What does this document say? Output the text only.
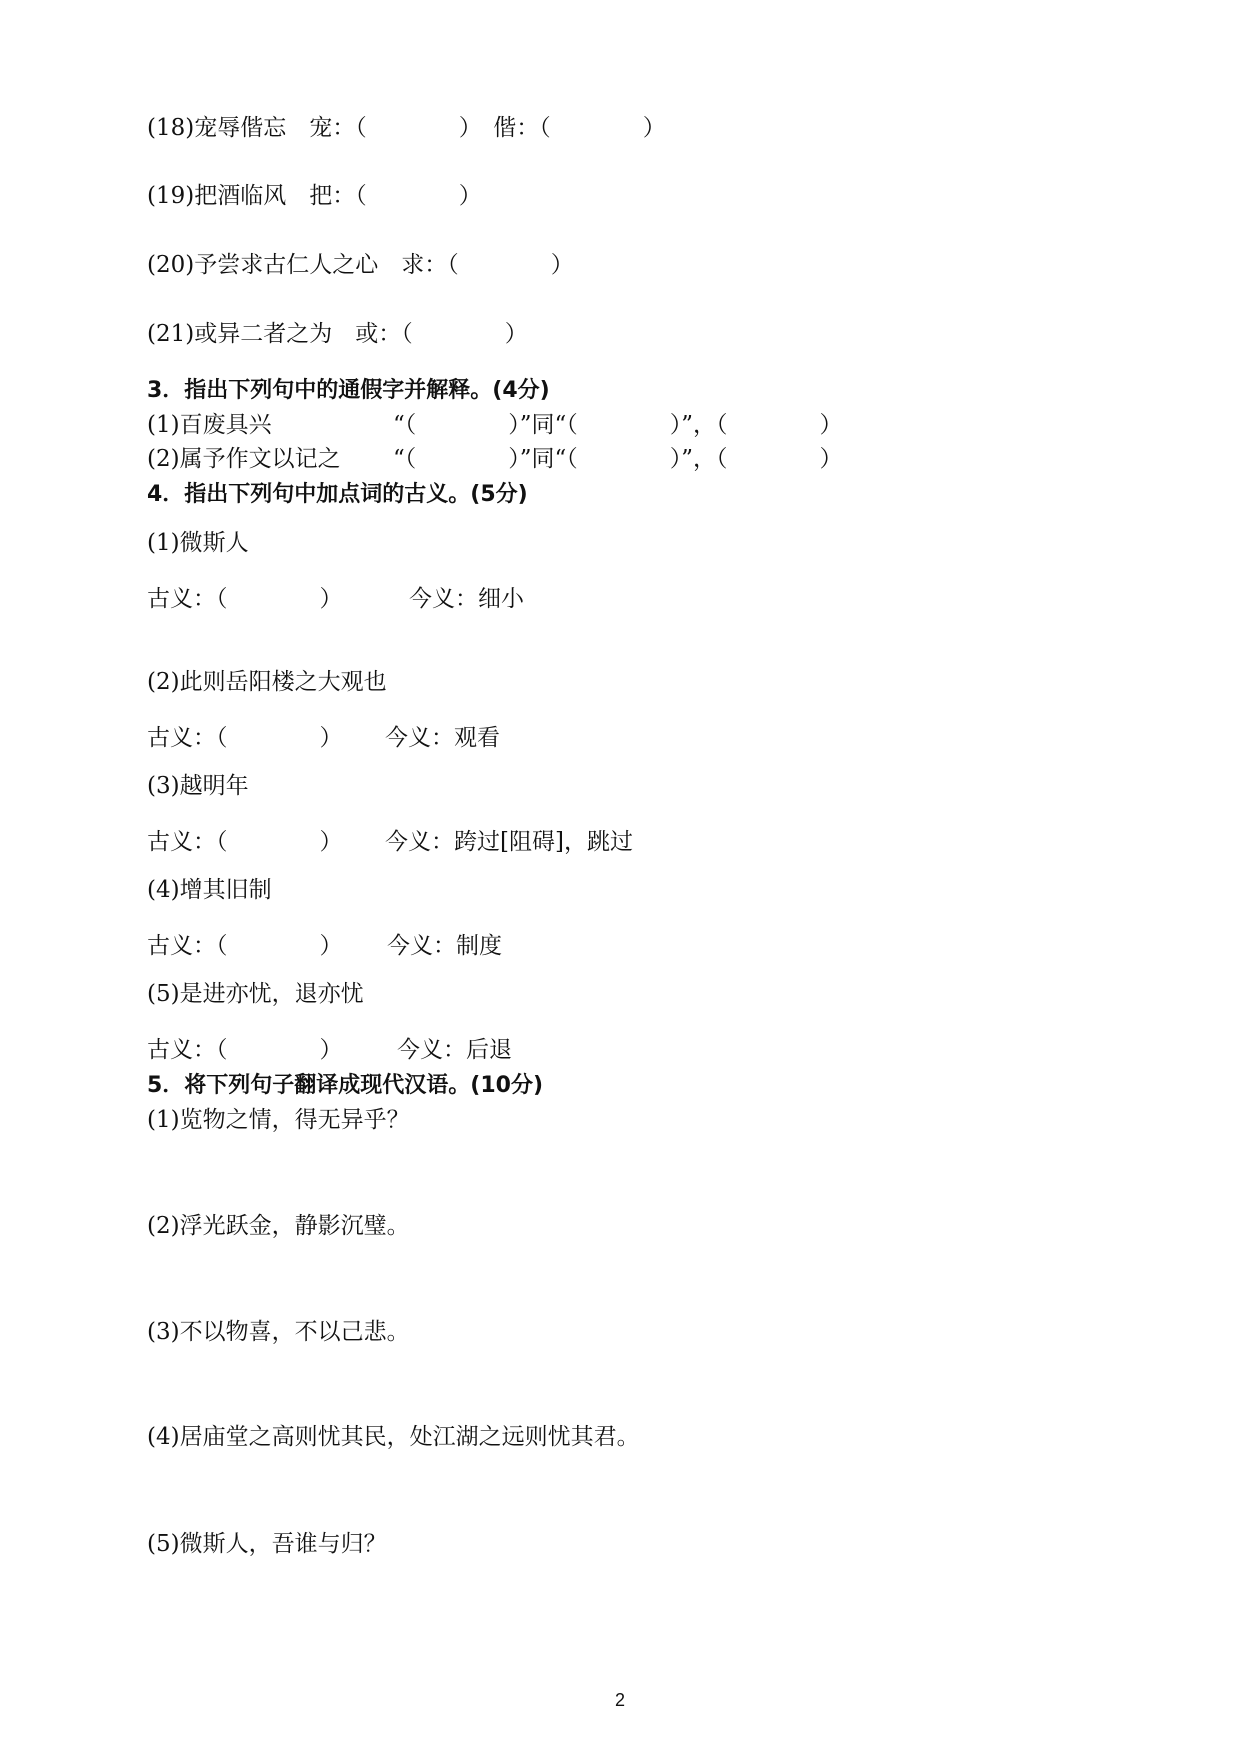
(18)宠辱偕忘　宠：（　　　　）　偕：（　　　　）
(19)把酒临风　把：（　　　　）
(20)予尝求古仁人之心　求：（　　　　）
(21)或异二者之为　或：（　　　　）
3．指出下列句中的通假字并解释。(4分)

(1)百废具兴

	“（　　　　）”同“（　　　　）”，（　　　　）

(2)属予作文以记之

“（　　　　）”同“（　　　　）”，（　　　　）

4．指出下列句中加点词的古义。(5分)
(1)微斯人

古义：（　　　　）

	今义：细小

(2)此则岳阳楼之大观也

古义：（　　　　）

今义：观看

(3)越明年

古义：（　　　　）

今义：跨过[阻碍]，跳过

(4)增其旧制

古义：（　　　　）

今义：制度

(5)是进亦忧，退亦忧

古义：（　　　　）

今义：后退

5．将下列句子翻译成现代汉语。(10分)
(1)览物之情，得无异乎？
(2)浮光跃金，静影沉璧。
(3)不以物喜，不以己悲。
(4)居庙堂之高则忧其民，处江湖之远则忧其君。
(5)微斯人，吾谁与归？
2
